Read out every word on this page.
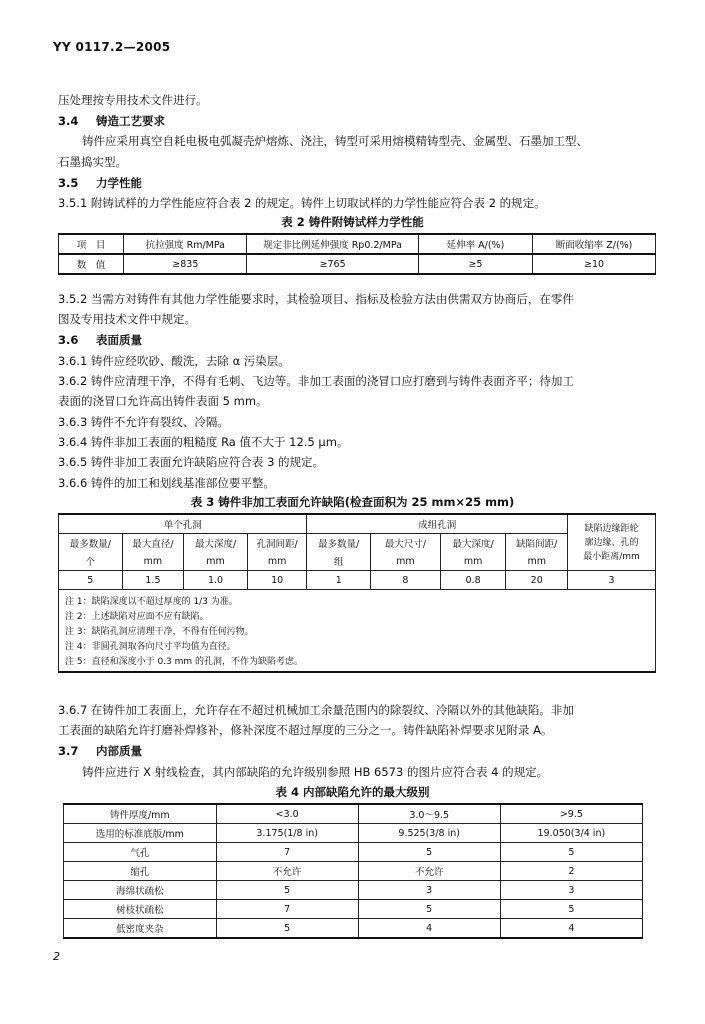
YY 0117.2—2005
压处理按专用技术文件进行。
3.4 铸造工艺要求
铸件应采用真空自耗电极电弧凝壳炉熔炼、浇注，铸型可采用熔模精铸型壳、金属型、石墨加工型、
石墨捣实型。
3.5 力学性能
3.5.1 附铸试样的力学性能应符合表 2 的规定。铸件上切取试样的力学性能应符合表 2 的规定。
表 2 铸件附铸试样力学性能
项　目	抗拉强度 Rm/MPa	规定非比例延伸强度 Rp0.2/MPa	延伸率 A/(%)	断面收缩率 Z/(%)
数　值	≥835	≥765	≥5	≥10
3.5.2 当需方对铸件有其他力学性能要求时，其检验项目、指标及检验方法由供需双方协商后，在零件
图及专用技术文件中规定。
3.6 表面质量
3.6.1 铸件应经吹砂、酸洗，去除 α 污染层。
3.6.2 铸件应清理干净，不得有毛刺、飞边等。非加工表面的浇冒口应打磨到与铸件表面齐平；待加工
表面的浇冒口允许高出铸件表面 5 mm。
3.6.3 铸件不允许有裂纹、冷隔。
3.6.4 铸件非加工表面的粗糙度 Ra 值不大于 12.5 μm。
3.6.5 铸件非加工表面允许缺陷应符合表 3 的规定。
3.6.6 铸件的加工和划线基准部位要平整。
表 3 铸件非加工表面允许缺陷(检查面积为 25 mm×25 mm)
单个孔洞				成组孔洞				缺陷边缘距轮
廓边缘、孔的
最小距离/mm

最多数量/	最大直径/	最大深度/	孔洞间距/	最多数量/	最大尺寸/	最大深度/	缺陷间距/	
个	mm	mm	mm	组	mm	mm	mm	
5	1.5	1.0	10	1	8	0.8	20	3
注 1：缺陷深度以不超过厚度的 1/3 为准。								
注 2：上述缺陷对应面不应有缺陷。								
注 3：缺陷孔洞应清理干净，不得有任何污物。								
注 4：非圆孔洞取各向尺寸平均值为直径。								
注 5：直径和深度小于 0.3 mm 的孔洞，不作为缺陷考虑。								
3.6.7 在铸件加工表面上，允许存在不超过机械加工余量范围内的除裂纹、冷隔以外的其他缺陷。非加
工表面的缺陷允许打磨补焊修补，修补深度不超过厚度的三分之一。铸件缺陷补焊要求见附录 A。
3.7 内部质量
铸件应进行 X 射线检查，其内部缺陷的允许级别参照 HB 6573 的图片应符合表 4 的规定。
表 4 内部缺陷允许的最大级别
铸件厚度/mm	<3.0	3.0～9.5	>9.5
选用的标准底版/mm	3.175(1/8 in)	9.525(3/8 in)	19.050(3/4 in)
气孔	7	5	5
缩孔	不允许	不允许	2
海绵状疏松	5	3	3
树枝状疏松	7	5	5
低密度夹杂	5	4	4
2
